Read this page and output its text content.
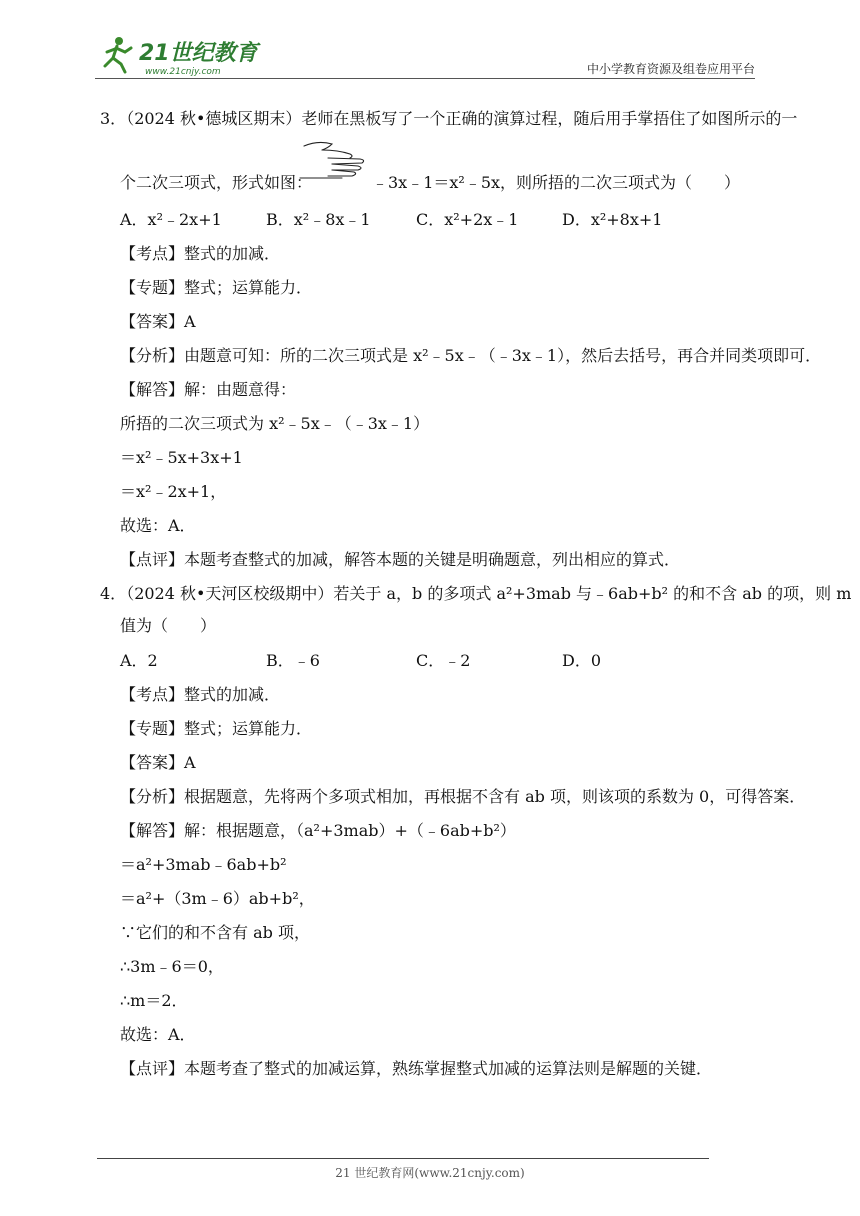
21世纪教育
www.21cnjy.com	中小学教育资源及组卷应用平台
3．（2024 秋•德城区期末）老师在黑板写了一个正确的演算过程，随后用手掌捂住了如图所示的一
个二次三项式，形式如图：	﹣3x﹣1＝x²﹣5x，则所捂的二次三项式为（　　）
A．x²﹣2x+1	B．x²﹣8x﹣1	C．x²+2x﹣1	D．x²+8x+1
【考点】整式的加减．
【专题】整式；运算能力．
【答案】A
【分析】由题意可知：所的二次三项式是 x²﹣5x﹣（﹣3x﹣1），然后去括号，再合并同类项即可．
【解答】解：由题意得：
所捂的二次三项式为 x²﹣5x﹣（﹣3x﹣1）
＝x²﹣5x+3x+1
＝x²﹣2x+1，
故选：A．
【点评】本题考查整式的加减，解答本题的关键是明确题意，列出相应的算式．
4．（2024 秋•天河区校级期中）若关于 a，b 的多项式 a²+3mab 与﹣6ab+b² 的和不含 ab 的项，则 m
值为（　　）
A．2	B．﹣6	C．﹣2	D．0
【考点】整式的加减．
【专题】整式；运算能力．
【答案】A
【分析】根据题意，先将两个多项式相加，再根据不含有 ab 项，则该项的系数为 0，可得答案．
【解答】解：根据题意，（a²+3mab）+（﹣6ab+b²）
＝a²+3mab﹣6ab+b²
＝a²+（3m﹣6）ab+b²，
∵它们的和不含有 ab 项，
∴3m﹣6＝0，
∴m＝2．
故选：A．
【点评】本题考查了整式的加减运算，熟练掌握整式加减的运算法则是解题的关键．
21 世纪教育网(www.21cnjy.com)
